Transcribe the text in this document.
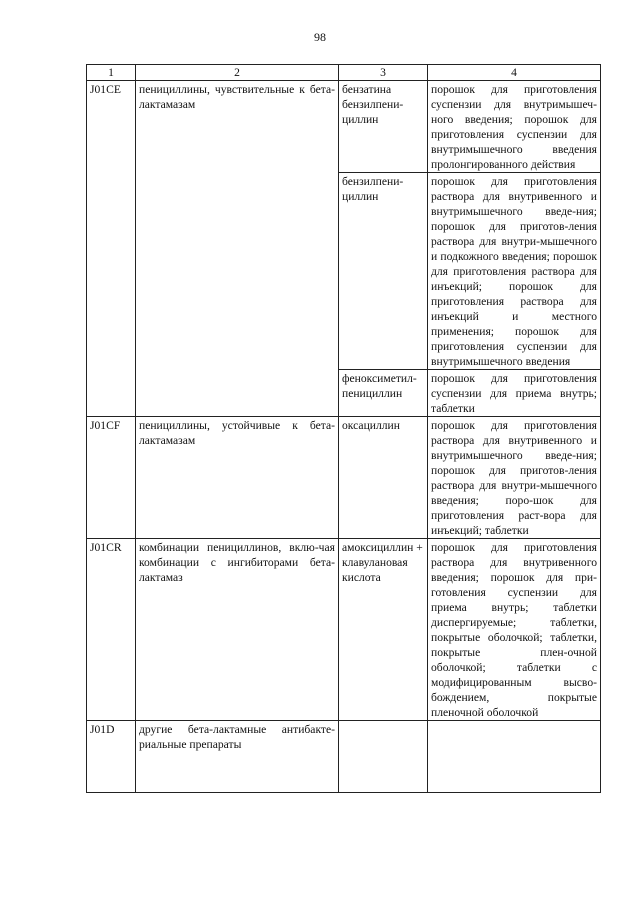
98
1	2	3	4
J01CE	пенициллины, чувствительные к бета-лактамазам	бензатина бензилпени-циллин	порошок для приготовления суспензии для внутримышеч-ного введения; порошок для приготовления суспензии для внутримышечного введения пролонгированного действия
		бензилпени-циллин	порошок для приготовления раствора для внутривенного и внутримышечного введе-ния; порошок для приготов-ления раствора для внутри-мышечного и подкожного введения; порошок для приготовления раствора для инъекций; порошок для приготовления раствора для инъекций и местного применения; порошок для приготовления суспензии для внутримышечного введения
		феноксиметил-пенициллин	порошок для приготовления суспензии для приема внутрь; таблетки
J01CF	пенициллины, устойчивые к бета-лактамазам	оксациллин	порошок для приготовления раствора для внутривенного и внутримышечного введе-ния; порошок для приготов-ления раствора для внутри-мышечного введения; поро-шок для приготовления раст-вора для инъекций; таблетки
J01CR	комбинации пенициллинов, вклю-чая комбинации с ингибиторами бета-лактамаз	амоксициллин + клавулановая кислота	порошок для приготовления раствора для внутривенного введения; порошок для при-готовления суспензии для приема внутрь; таблетки диспергируемые; таблетки, покрытые оболочкой; таблетки, покрытые плен-очной оболочкой; таблетки с модифицированным высво-бождением, покрытые пленочной оболочкой
J01D	другие бета-лактамные антибакте-риальные препараты		
